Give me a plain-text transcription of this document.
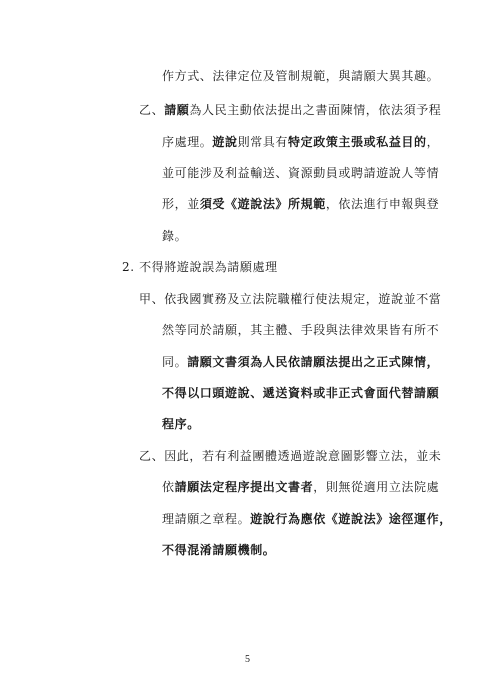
作方式、法律定位及管制規範，與請願大異其趣。
乙、請願為人民主動依法提出之書面陳情，依法須予程
序處理。遊說則常具有特定政策主張或私益目的，
並可能涉及利益輸送、資源動員或聘請遊說人等情
形，並須受《遊說法》所規範，依法進行申報與登
錄。
2. 不得將遊說誤為請願處理
甲、依我國實務及立法院職權行使法規定，遊說並不當
然等同於請願，其主體、手段與法律效果皆有所不
同。請願文書須為人民依請願法提出之正式陳情，
不得以口頭遊說、遞送資料或非正式會面代替請願
程序。
乙、因此，若有利益團體透過遊說意圖影響立法，並未
依請願法定程序提出文書者，則無從適用立法院處
理請願之章程。遊說行為應依《遊說法》途徑運作，
不得混淆請願機制。
5
